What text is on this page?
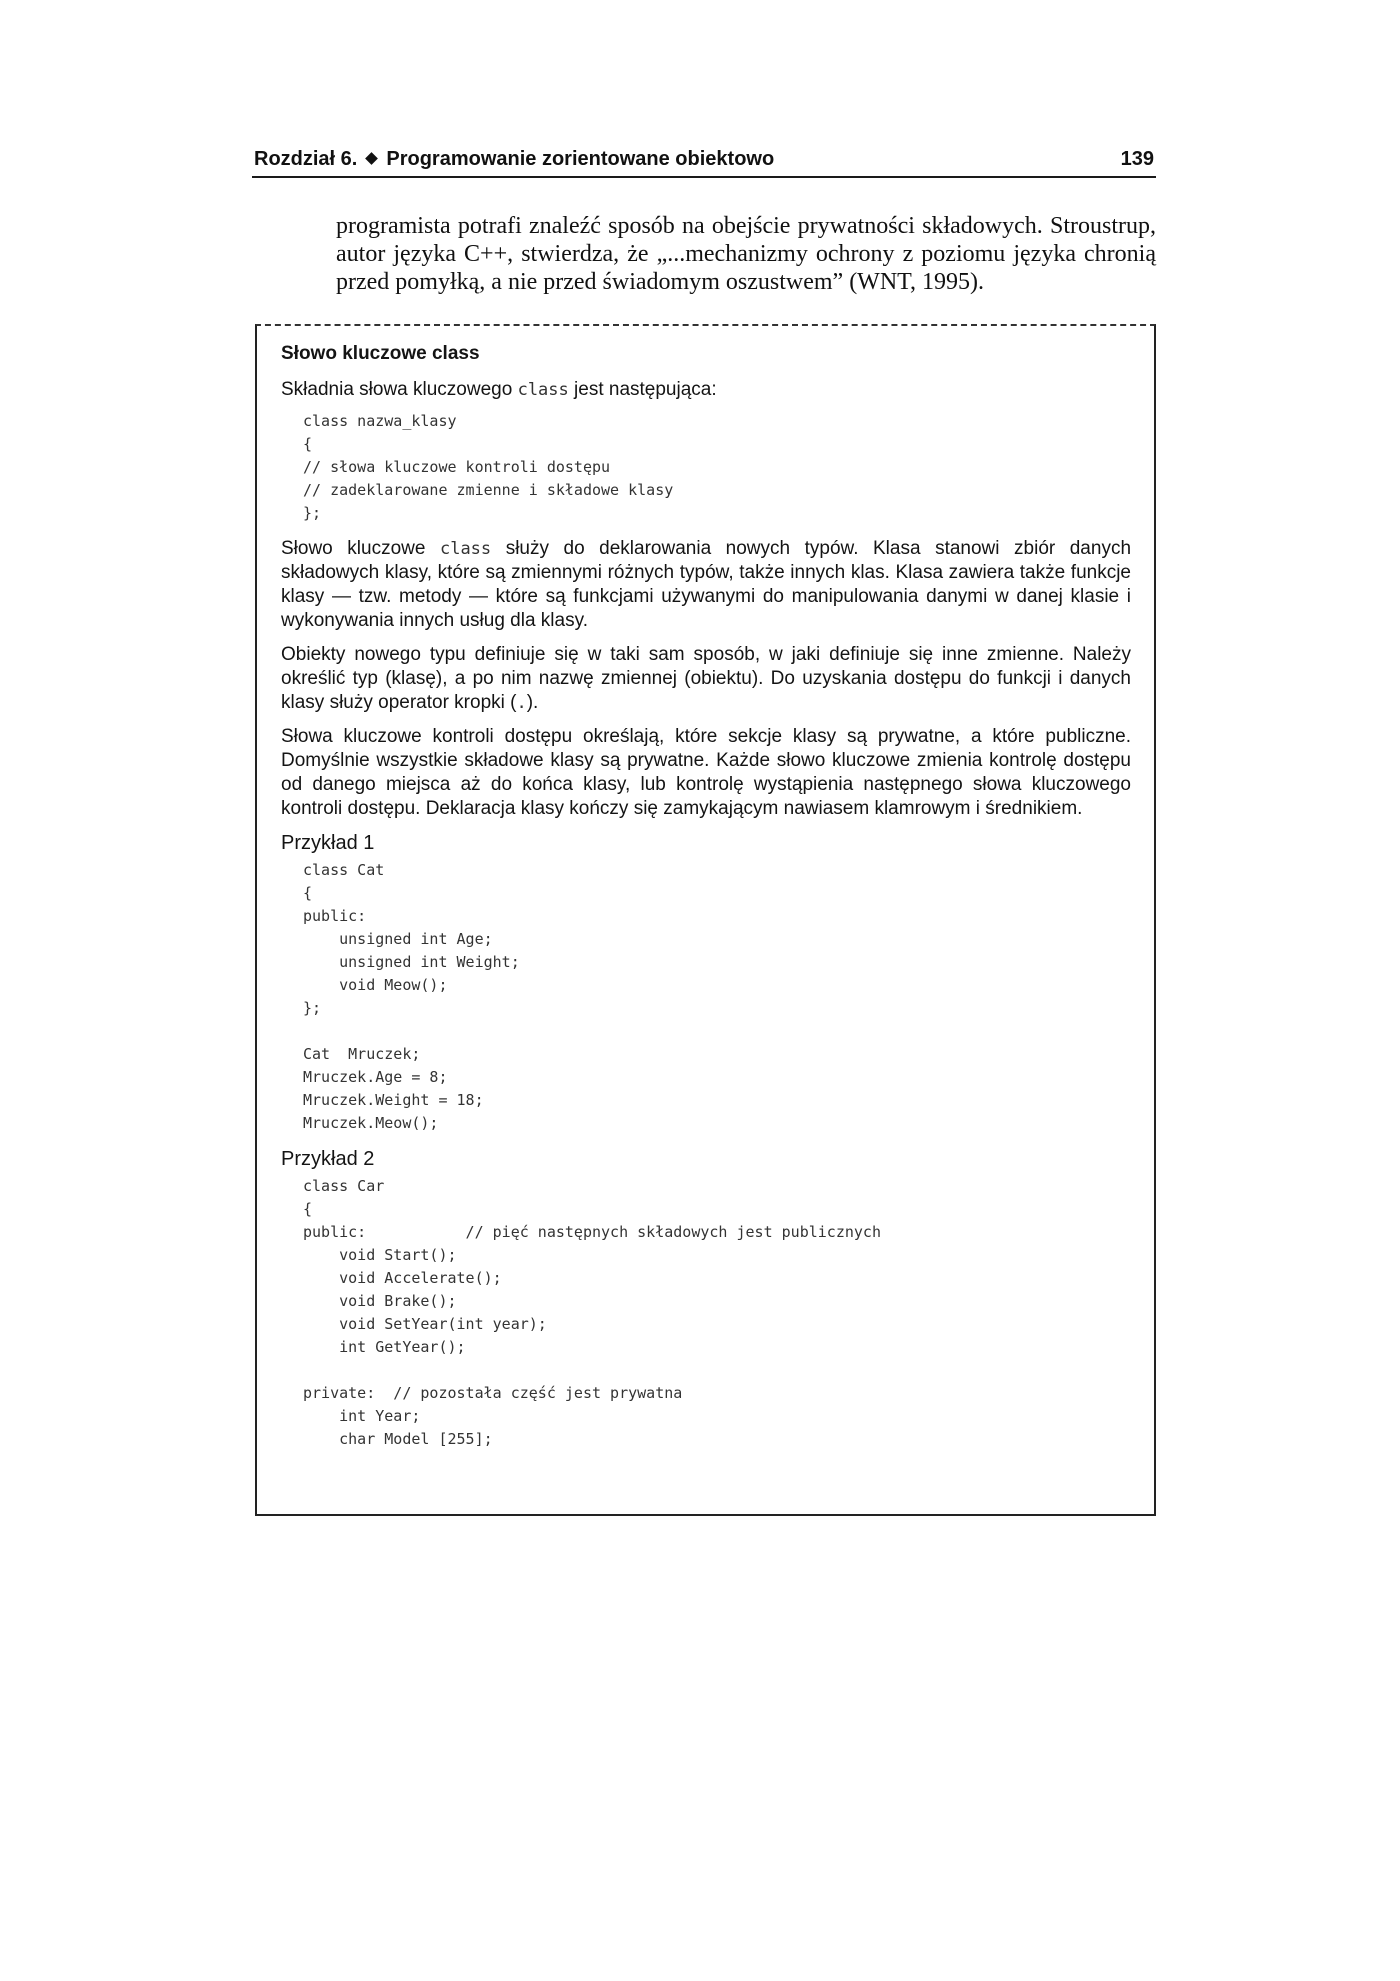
Rozdział 6. Programowanie zorientowane obiektowo	139

programista potrafi znaleźć sposób na obejście prywatności składowych. Stroustrup, autor języka C++, stwierdza, że „...mechanizmy ochrony z poziomu języka chronią przed pomyłką, a nie przed świadomym oszustwem” (WNT, 1995).

Słowo kluczowe class

Składnia słowa kluczowego class jest następująca:

class nazwa_klasy
{
// słowa kluczowe kontroli dostępu
// zadeklarowane zmienne i składowe klasy
};

Słowo kluczowe class służy do deklarowania nowych typów. Klasa stanowi zbiór danych składowych klasy, które są zmiennymi różnych typów, także innych klas. Klasa zawiera także funkcje klasy — tzw. metody — które są funkcjami używanymi do manipulowania danymi w danej klasie i wykonywania innych usług dla klasy.

Obiekty nowego typu definiuje się w taki sam sposób, w jaki definiuje się inne zmienne. Należy określić typ (klasę), a po nim nazwę zmiennej (obiektu). Do uzyskania dostępu do funkcji i danych klasy służy operator kropki (.).

Słowa kluczowe kontroli dostępu określają, które sekcje klasy są prywatne, a które publiczne. Domyślnie wszystkie składowe klasy są prywatne. Każde słowo kluczowe zmienia kontrolę dostępu od danego miejsca aż do końca klasy, lub kontrolę wystąpienia następnego słowa kluczowego kontroli dostępu. Deklaracja klasy kończy się zamykającym nawiasem klamrowym i średnikiem.

Przykład 1
class Cat
{
public:
unsigned int Age;
unsigned int Weight;
void Meow();
};

Cat  Mruczek;
Mruczek.Age = 8;
Mruczek.Weight = 18;
Mruczek.Meow();
Przykład 2
class Car
{
public:           // pięć następnych składowych jest publicznych
void Start();
void Accelerate();
void Brake();
void SetYear(int year);
int GetYear();

private:  // pozostała część jest prywatna
int Year;
char Model [255];
